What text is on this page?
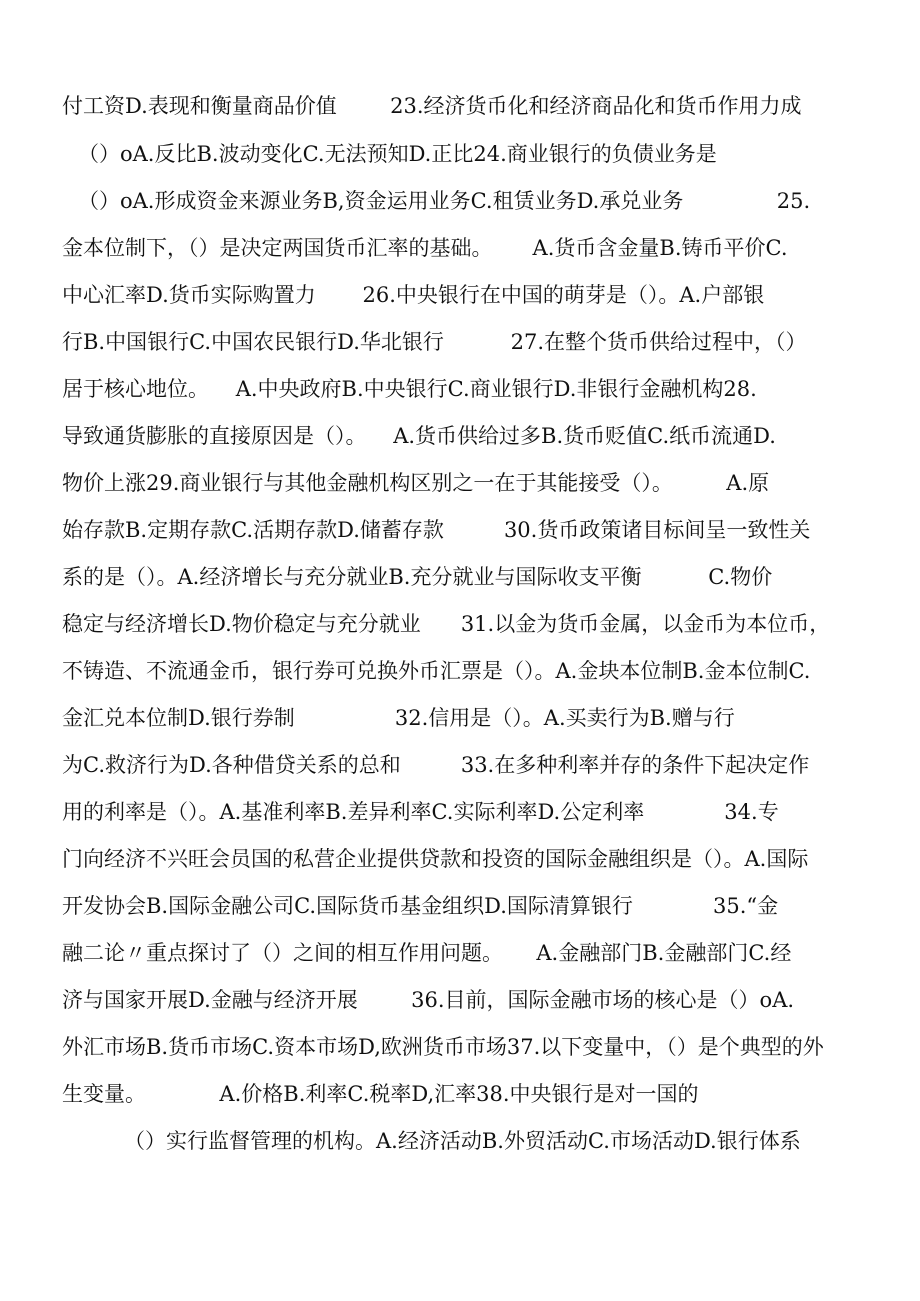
付工资D.表现和衡量商品价值        23.经济货币化和经济商品化和货币作用力成
（）oA.反比B.波动变化C.无法预知D.正比24.商业银行的负债业务是
（）oA.形成资金来源业务B,资金运用业务C.租赁业务D.承兑业务              25.
金本位制下，（）是决定两国货币汇率的基础。      A.货币含金量B.铸币平价C.
中心汇率D.货币实际购置力       26.中央银行在中国的萌芽是（）。A.户部银
行B.中国银行C.中国农民银行D.华北银行          27.在整个货币供给过程中，（）
居于核心地位。    A.中央政府B.中央银行C.商业银行D.非银行金融机构28.
导致通货膨胀的直接原因是（）。    A.货币供给过多B.货币贬值C.纸币流通D.
物价上涨29.商业银行与其他金融机构区别之一在于其能接受（）。        A.原
始存款B.定期存款C.活期存款D.储蓄存款         30.货币政策诸目标间呈一致性关
系的是（）。A.经济增长与充分就业B.充分就业与国际收支平衡          C.物价
稳定与经济增长D.物价稳定与充分就业      31.以金为货币金属，以金币为本位币，
不铸造、不流通金币，银行券可兑换外币汇票是（）。A.金块本位制B.金本位制C.
金汇兑本位制D.银行券制               32.信用是（）。A.买卖行为B.赠与行
为C.救济行为D.各种借贷关系的总和         33.在多种利率并存的条件下起决定作
用的利率是（）。A.基准利率B.差异利率C.实际利率D.公定利率            34.专
门向经济不兴旺会员国的私营企业提供贷款和投资的国际金融组织是（）。A.国际
开发协会B.国际金融公司C.国际货币基金组织D.国际清算银行            35.“金
融二论〃重点探讨了（）之间的相互作用问题。     A.金融部门B.金融部门C.经
济与国家开展D.金融与经济开展        36.目前，国际金融市场的核心是（）oA.
外汇市场B.货币市场C.资本市场D,欧洲货币市场37.以下变量中，（）是个典型的外
生变量。           A.价格B.利率C.税率D,汇率38.中央银行是对一国的
（）实行监督管理的机构。A.经济活动B.外贸活动C.市场活动D.银行体系
